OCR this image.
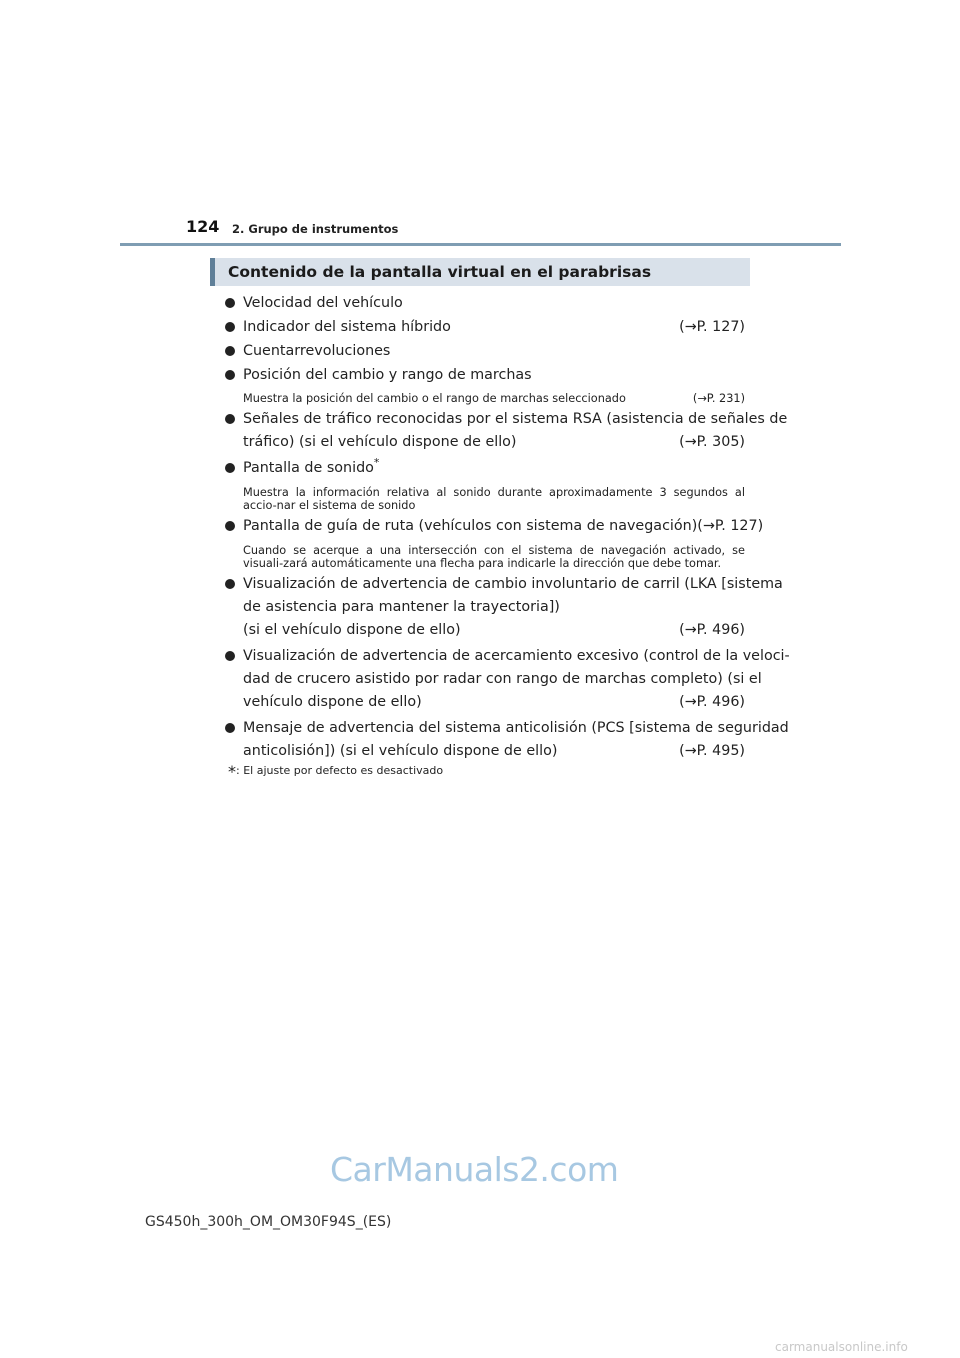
124 2. Grupo de instrumentos
Contenido de la pantalla virtual en el parabrisas
Velocidad del vehículo
Indicador del sistema híbrido	(→P. 127)
Cuentarrevoluciones
Posición del cambio y rango de marchas
Muestra la posición del cambio o el rango de marchas seleccionado	(→P. 231)
Señales de tráfico reconocidas por el sistema RSA (asistencia de señales de
tráfico) (si el vehículo dispone de ello)	(→P. 305)
Pantalla de sonido*
Muestra la información relativa al sonido durante aproximadamente 3 segundos al accio-nar el sistema de sonido
Pantalla de guía de ruta (vehículos con sistema de navegación) (→P. 127)
Cuando se acerque a una intersección con el sistema de navegación activado, se visuali-zará automáticamente una flecha para indicarle la dirección que debe tomar.
Visualización de advertencia de cambio involuntario de carril (LKA [sistema
de asistencia para mantener la trayectoria])
(si el vehículo dispone de ello)	(→P. 496)
Visualización de advertencia de acercamiento excesivo (control de la veloci-
dad de crucero asistido por radar con rango de marchas completo) (si el
vehículo dispone de ello)	(→P. 496)
Mensaje de advertencia del sistema anticolisión (PCS [sistema de seguridad
anticolisión]) (si el vehículo dispone de ello)	(→P. 495)
*: El ajuste por defecto es desactivado
CarManuals2.com
GS450h_300h_OM_OM30F94S_(ES)
carmanualsonline.info
